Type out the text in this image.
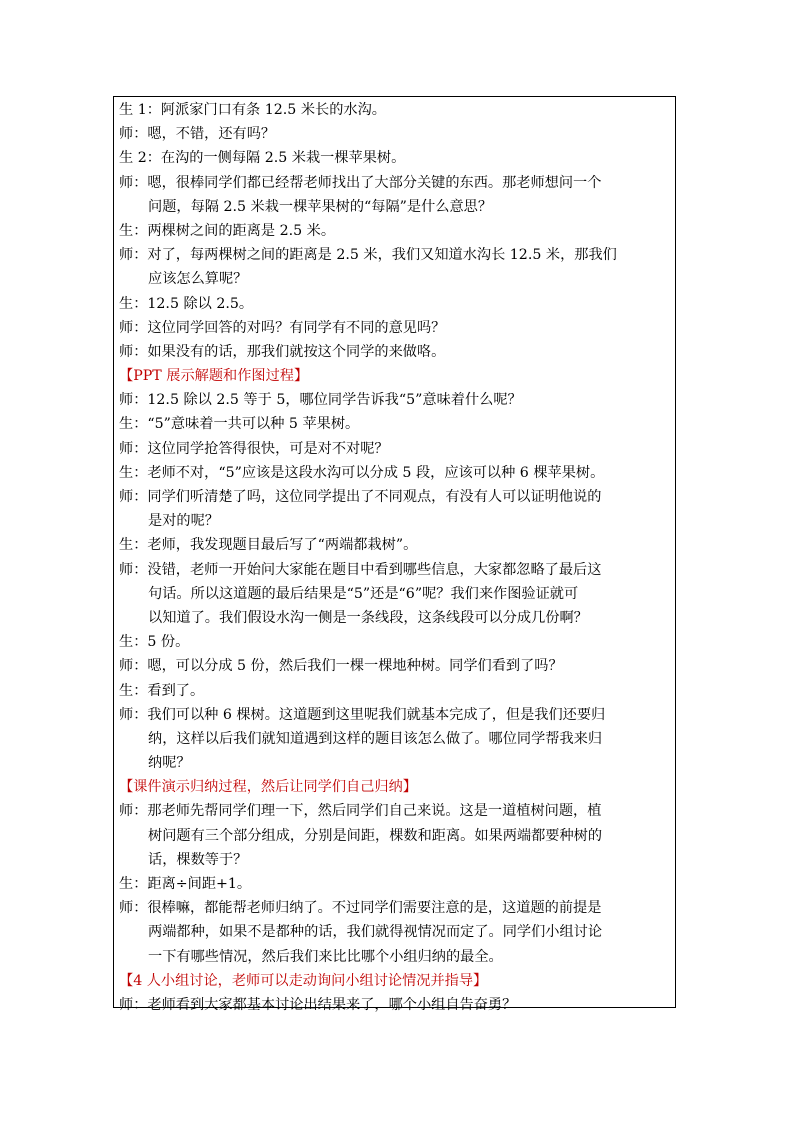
生 1：阿派家门口有条 12.5 米长的水沟。
师：嗯，不错，还有吗？
生 2：在沟的一侧每隔 2.5 米栽一棵苹果树。
师：嗯，很棒同学们都已经帮老师找出了大部分关键的东西。那老师想问一个
问题，每隔 2.5 米栽一棵苹果树的“每隔”是什么意思？
生：两棵树之间的距离是 2.5 米。
师：对了，每两棵树之间的距离是 2.5 米，我们又知道水沟长 12.5 米，那我们
应该怎么算呢？
生：12.5 除以 2.5。
师：这位同学回答的对吗？有同学有不同的意见吗？
师：如果没有的话，那我们就按这个同学的来做咯。
【PPT 展示解题和作图过程】
师：12.5 除以 2.5 等于 5，哪位同学告诉我“5”意味着什么呢？
生：“5”意味着一共可以种 5 苹果树。
师：这位同学抢答得很快，可是对不对呢？
生：老师不对，“5”应该是这段水沟可以分成 5 段，应该可以种 6 棵苹果树。
师：同学们听清楚了吗，这位同学提出了不同观点，有没有人可以证明他说的
是对的呢？
生：老师，我发现题目最后写了“两端都栽树”。
师：没错，老师一开始问大家能在题目中看到哪些信息，大家都忽略了最后这
句话。所以这道题的最后结果是“5”还是“6”呢？我们来作图验证就可
以知道了。我们假设水沟一侧是一条线段，这条线段可以分成几份啊？
生：5 份。
师：嗯，可以分成 5 份，然后我们一棵一棵地种树。同学们看到了吗？
生：看到了。
师：我们可以种 6 棵树。这道题到这里呢我们就基本完成了，但是我们还要归
纳，这样以后我们就知道遇到这样的题目该怎么做了。哪位同学帮我来归
纳呢？
【课件演示归纳过程，然后让同学们自己归纳】
师：那老师先帮同学们理一下，然后同学们自己来说。这是一道植树问题，植
树问题有三个部分组成，分别是间距，棵数和距离。如果两端都要种树的
话，棵数等于？
生：距离÷间距+1。
师：很棒嘛，都能帮老师归纳了。不过同学们需要注意的是，这道题的前提是
两端都种，如果不是都种的话，我们就得视情况而定了。同学们小组讨论
一下有哪些情况，然后我们来比比哪个小组归纳的最全。
【4 人小组讨论，老师可以走动询问小组讨论情况并指导】
师：老师看到大家都基本讨论出结果来了，哪个小组自告奋勇？
